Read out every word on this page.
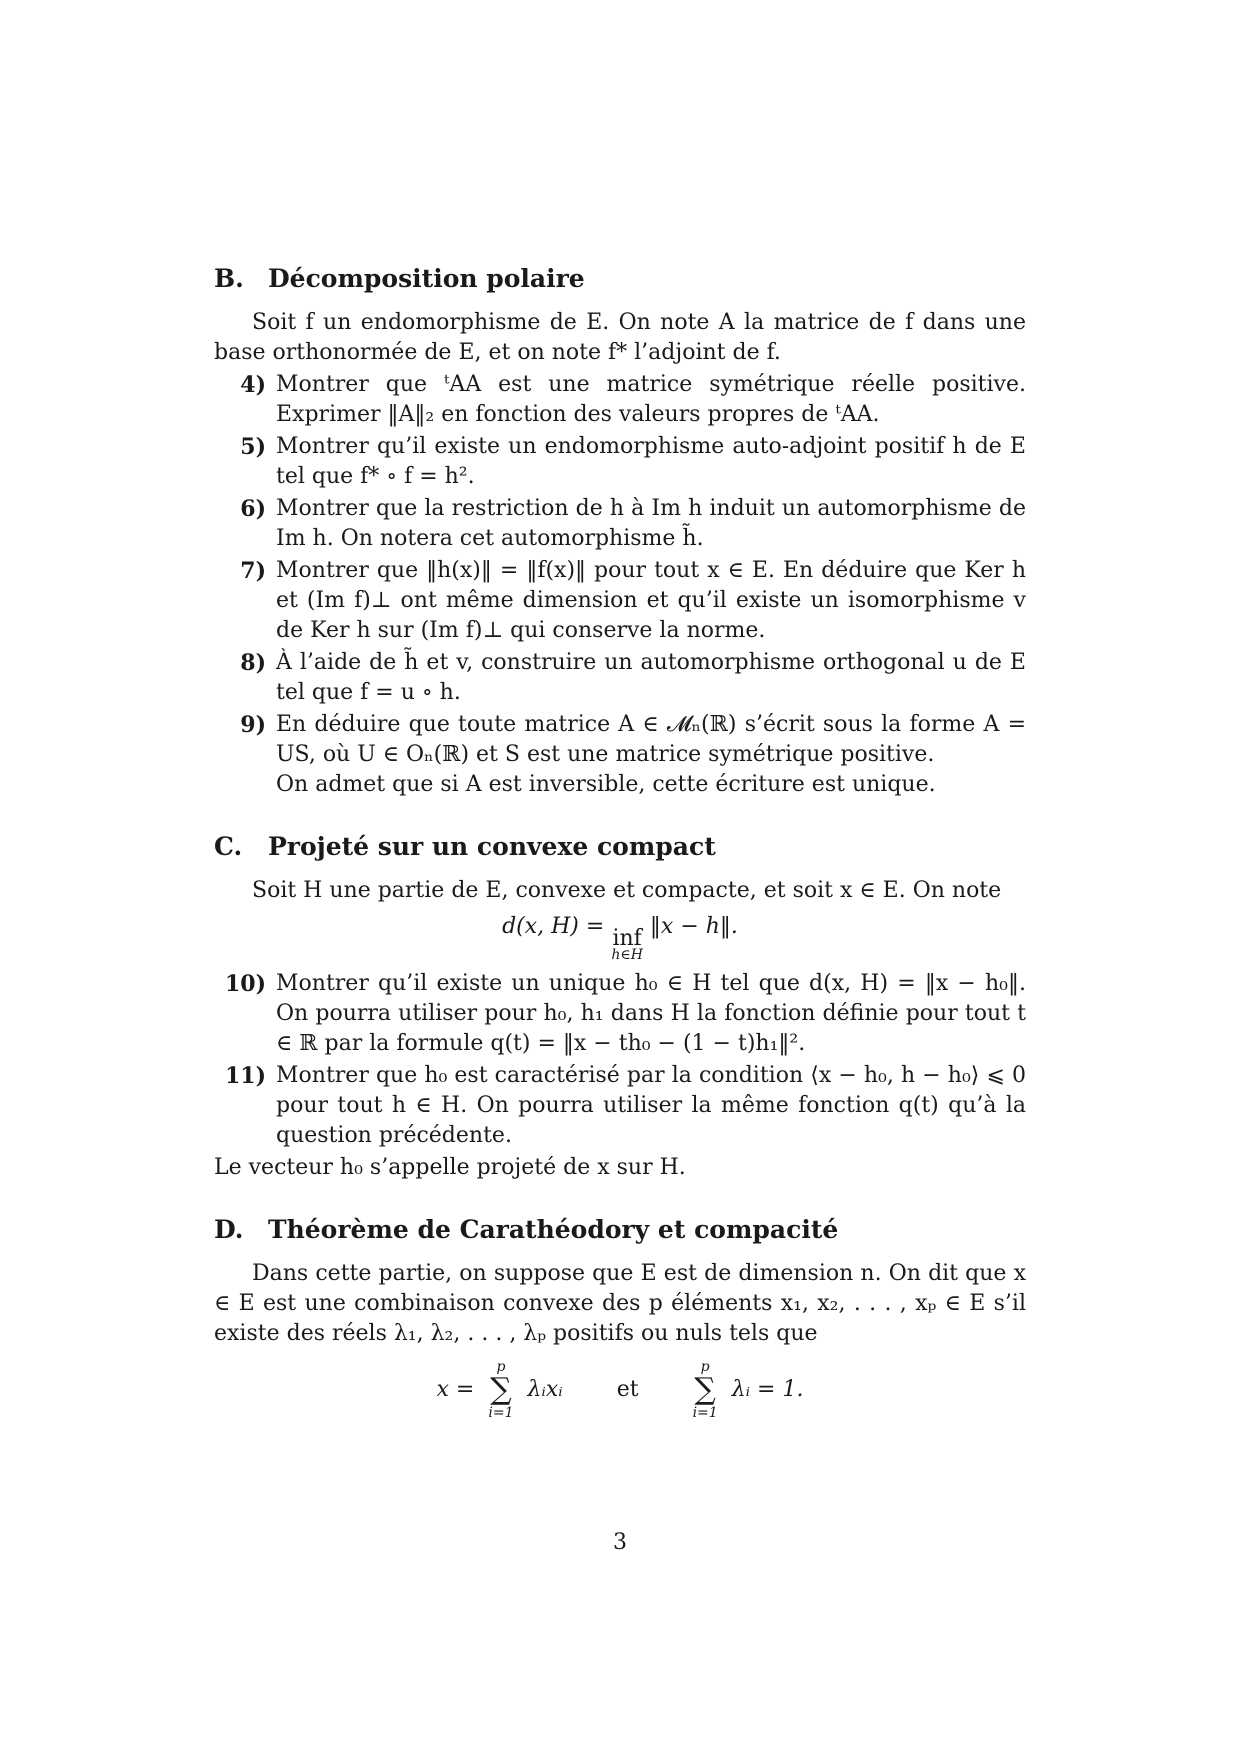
B. Décomposition polaire

Soit f un endomorphisme de E. On note A la matrice de f dans une base orthonormée de E, et on note f* l’adjoint de f.

4) Montrer que ᵗAA est une matrice symétrique réelle positive. Exprimer ‖A‖₂ en fonction des valeurs propres de ᵗAA.
5) Montrer qu’il existe un endomorphisme auto-adjoint positif h de E tel que f* ∘ f = h².
6) Montrer que la restriction de h à Im h induit un automorphisme de Im h. On notera cet automorphisme h̃.
7) Montrer que ‖h(x)‖ = ‖f(x)‖ pour tout x ∈ E. En déduire que Ker h et (Im f)⊥ ont même dimension et qu’il existe un isomorphisme v de Ker h sur (Im f)⊥ qui conserve la norme.
8) À l’aide de h̃ et v, construire un automorphisme orthogonal u de E tel que f = u ∘ h.
9) En déduire que toute matrice A ∈ 𝓜ₙ(ℝ) s’écrit sous la forme A = US, où U ∈ Oₙ(ℝ) et S est une matrice symétrique positive.
On admet que si A est inversible, cette écriture est unique.
C.	Projeté sur un convexe compact

Soit H une partie de E, convexe et compacte, et soit x ∈ E. On note

d(x, H) = inf
h∈H
‖x − h‖.
10) Montrer qu’il existe un unique h₀ ∈ H tel que d(x, H) = ‖x − h₀‖. On pourra utiliser pour h₀, h₁ dans H la fonction définie pour tout t ∈ ℝ par la formule q(t) = ‖x − th₀ − (1 − t)h₁‖².
11) Montrer que h₀ est caractérisé par la condition ⟨x − h₀, h − h₀⟩ ⩽ 0 pour tout h ∈ H. On pourra utiliser la même fonction q(t) qu’à la question précédente.

Le vecteur h₀ s’appelle projeté de x sur H.

D. Théorème de Carathéodory et compacité

Dans cette partie, on suppose que E est de dimension n. On dit que x ∈ E est une combinaison convexe des p éléments x₁, x₂, . . . , xₚ ∈ E s’il existe des réels λ₁, λ₂, . . . , λₚ positifs ou nuls tels que

x =
p
∑
i=1
λᵢxᵢ et
p
∑
i=1
λᵢ = 1.
3
